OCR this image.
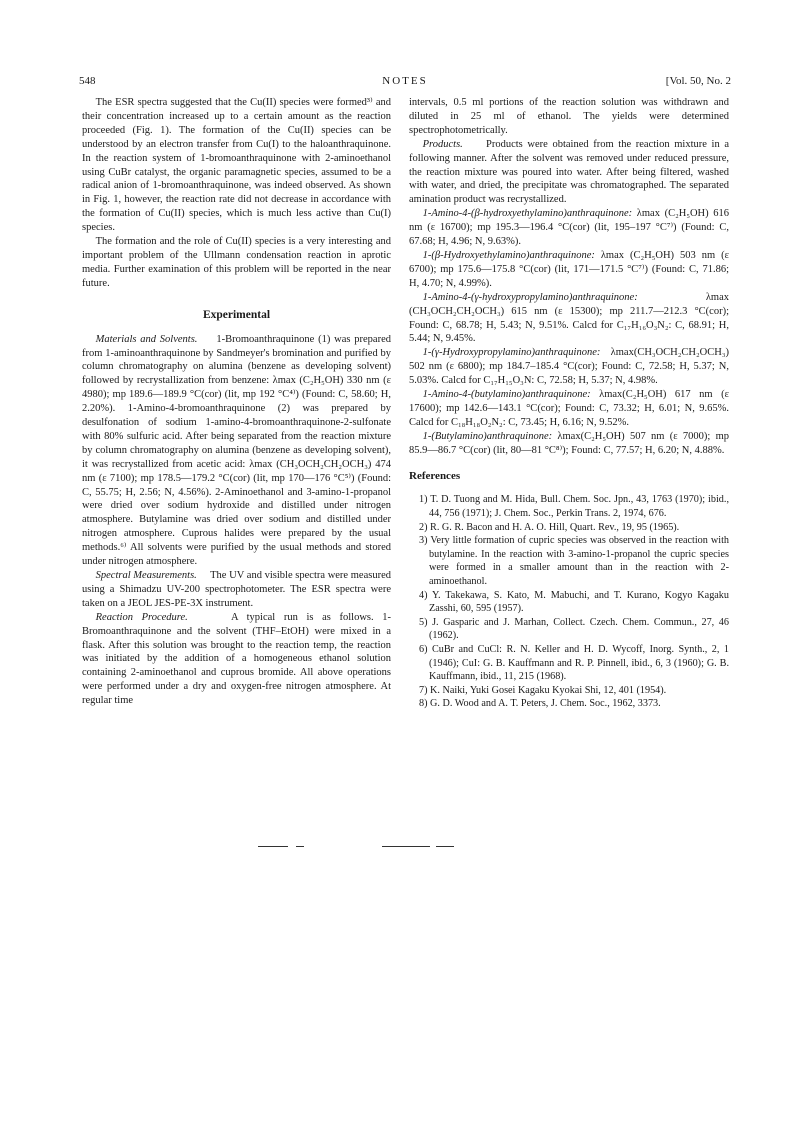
548	NOTES	[Vol. 50, No. 2

The ESR spectra suggested that the Cu(II) species were formed³⁾ and their concentration increased up to a certain amount as the reaction proceeded (Fig. 1). The formation of the Cu(II) species can be understood by an electron transfer from Cu(I) to the haloanthraquinone. In the reaction system of 1-bromoanthraquinone with 2-aminoethanol using CuBr catalyst, the organic paramagnetic species, assumed to be a radical anion of 1-bromoanthraquinone, was indeed observed. As shown in Fig. 1, however, the reaction rate did not decrease in accordance with the formation of Cu(II) species, which is much less active than Cu(I) species.

The formation and the role of Cu(II) species is a very interesting and important problem of the Ullmann condensation reaction in aprotic media. Further examination of this problem will be reported in the near future.

Experimental

Materials and Solvents. 1-Bromoanthraquinone (1) was prepared from 1-aminoanthraquinone by Sandmeyer's bromination and purified by column chromatography on alumina (benzene as developing solvent) followed by recrystallization from benzene: λmax (C₂H₅OH) 330 nm (ε 4980); mp 189.6—189.9 °C(cor) (lit, mp 192 °C⁴⁾) (Found: C, 58.60; H, 2.20%). 1-Amino-4-bromoanthraquinone (2) was prepared by desulfonation of sodium 1-amino-4-bromoanthraquinone-2-sulfonate with 80% sulfuric acid. After being separated from the reaction mixture by column chromatography on alumina (benzene as developing solvent), it was recrystallized from acetic acid: λmax (CH₃OCH₂CH₂OCH₃) 474 nm (ε 7100); mp 178.5—179.2 °C(cor) (lit, mp 170—176 °C⁵⁾) (Found: C, 55.75; H, 2.56; N, 4.56%). 2-Aminoethanol and 3-amino-1-propanol were dried over sodium hydroxide and distilled under nitrogen atmosphere. Butylamine was dried over sodium and distilled under nitrogen atmosphere. Cuprous halides were prepared by the usual methods.⁶⁾ All solvents were purified by the usual methods and stored under nitrogen atmosphere.

Spectral Measurements. The UV and visible spectra were measured using a Shimadzu UV-200 spectrophotometer. The ESR spectra were taken on a JEOL JES-PE-3X instrument.

Reaction Procedure.	A typical run is as follows. 1-Bromoanthraquinone and the solvent (THF–EtOH) were mixed in a flask. After this solution was brought to the reaction temp, the reaction was initiated by the addition of a homogeneous ethanol solution containing 2-aminoethanol and cuprous bromide. All above operations were performed under a dry and oxygen-free nitrogen atmosphere. At regular time

intervals, 0.5 ml portions of the reaction solution was withdrawn and diluted in 25 ml of ethanol. The yields were determined spectrophotometrically.

Products. Products were obtained from the reaction mixture in a following manner. After the solvent was removed under reduced pressure, the reaction mixture was poured into water. After being filtered, washed with water, and dried, the precipitate was chromatographed. The separated amination product was recrystallized.

1-Amino-4-(β-hydroxyethylamino)anthraquinone: λmax (C₂H₅OH) 616 nm (ε 16700); mp 195.3—196.4 °C(cor) (lit, 195–197 °C⁷⁾) (Found: C, 67.68; H, 4.96; N, 9.63%).

1-(β-Hydroxyethylamino)anthraquinone: λmax (C₂H₅OH) 503 nm (ε 6700); mp 175.6—175.8 °C(cor) (lit, 171—171.5 °C⁷⁾) (Found: C, 71.86; H, 4.70; N, 4.99%).

1-Amino-4-(γ-hydroxypropylamino)anthraquinone:	λmax (CH₃OCH₂CH₂OCH₃) 615 nm (ε 15300); mp 211.7—212.3 °C(cor); Found: C, 68.78; H, 5.43; N, 9.51%. Calcd for C₁₇H₁₆O₃N₂: C, 68.91; H, 5.44; N, 9.45%.

1-(γ-Hydroxypropylamino)anthraquinone: λmax(CH₃OCH₂CH₂OCH₃) 502 nm (ε 6800); mp 184.7–185.4 °C(cor); Found: C, 72.58; H, 5.37; N, 5.03%. Calcd for C₁₇H₁₅O₃N: C, 72.58; H, 5.37; N, 4.98%.

1-Amino-4-(butylamino)anthraquinone: λmax(C₂H₅OH) 617 nm (ε 17600); mp 142.6—143.1 °C(cor); Found: C, 73.32; H, 6.01; N, 9.65%. Calcd for C₁₈H₁₈O₂N₂: C, 73.45; H, 6.16; N, 9.52%.

1-(Butylamino)anthraquinone: λmax(C₂H₅OH) 507 nm (ε 7000); mp 85.9—86.7 °C(cor) (lit, 80—81 °C⁸⁾); Found: C, 77.57; H, 6.20; N, 4.88%.

References
1) T. D. Tuong and M. Hida, Bull. Chem. Soc. Jpn., 43, 1763 (1970); ibid., 44, 756 (1971); J. Chem. Soc., Perkin Trans. 2, 1974, 676.
2) R. G. R. Bacon and H. A. O. Hill, Quart. Rev., 19, 95 (1965).
3) Very little formation of cupric species was observed in the reaction with butylamine. In the reaction with 3-amino-1-propanol the cupric species were formed in a smaller amount than in the reaction with 2-aminoethanol.
4) Y. Takekawa, S. Kato, M. Mabuchi, and T. Kurano, Kogyo Kagaku Zasshi, 60, 595 (1957).
5) J. Gasparic and J. Marhan, Collect. Czech. Chem. Commun., 27, 46 (1962).
6) CuBr and CuCl: R. N. Keller and H. D. Wycoff, Inorg. Synth., 2, 1 (1946); CuI: G. B. Kauffmann and R. P. Pinnell, ibid., 6, 3 (1960); G. B. Kauffmann, ibid., 11, 215 (1968).
7) K. Naiki, Yuki Gosei Kagaku Kyokai Shi, 12, 401 (1954).
8) G. D. Wood and A. T. Peters, J. Chem. Soc., 1962, 3373.
